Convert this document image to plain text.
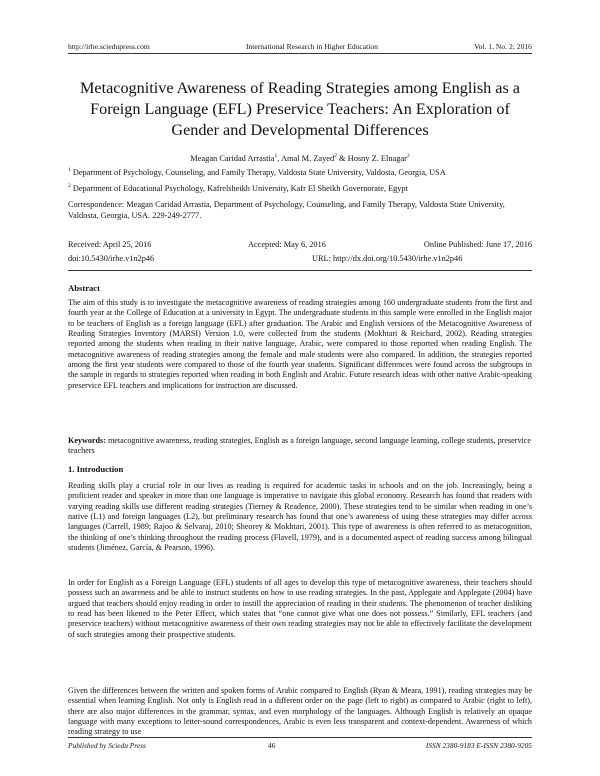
http://irhe.sciedupress.com	International Research in Higher Education	Vol. 1, No. 2; 2016
Metacognitive Awareness of Reading Strategies among English as a Foreign Language (EFL) Preservice Teachers: An Exploration of Gender and Developmental Differences
Meagan Caridad Arrastia$^1$, Amal M. Zayed$^2$ & Hosny Z. Elnagar$^2$
$^1$ Department of Psychology, Counseling, and Family Therapy, Valdosta State University, Valdosta, Georgia, USA
$^2$ Department of Educational Psychology, Kafrelsheikh University, Kafr El Sheikh Governorate, Egypt
Correspondence: Meagan Caridad Arrastia, Department of Psychology, Counseling, and Family Therapy, Valdosta State University, Valdosta, Georgia, USA. 229-249-2777.
Received: April 25, 2016	Accepted: May 6, 2016	Online Published: June 17, 2016
doi:10.5430/irhe.v1n2p46	URL: http://dx.doi.org/10.5430/irhe.v1n2p46
Abstract
The aim of this study is to investigate the metacognitive awareness of reading strategies among 160 undergraduate students from the first and fourth year at the College of Education at a university in Egypt. The undergraduate students in this sample were enrolled in the English major to be teachers of English as a foreign language (EFL) after graduation. The Arabic and English versions of the Metacognitive Awareness of Reading Strategies Inventory (MARSI) Version 1.0, were collected from the students (Mokhtari & Reichard, 2002). Reading strategies reported among the students when reading in their native language, Arabic, were compared to those reported when reading English. The metacognitive awareness of reading strategies among the female and male students were also compared. In addition, the strategies reported among the first year students were compared to those of the fourth year students. Significant differences were found across the subgroups in the sample in regards to strategies reported when reading in both English and Arabic. Future research ideas with other native Arabic-speaking preservice EFL teachers and implications for instruction are discussed.
Keywords: metacognitive awareness, reading strategies, English as a foreign language, second language learning, college students, preservice teachers
1. Introduction
Reading skills play a crucial role in our lives as reading is required for academic tasks in schools and on the job. Increasingly, being a proficient reader and speaker in more than one language is imperative to navigate this global economy. Research has found that readers with varying reading skills use different reading strategies (Tierney & Readence, 2000). These strategies tend to be similar when reading in one’s native (L1) and foreign languages (L2), but preliminary research has found that one’s awareness of using these strategies may differ across languages (Carrell, 1989; Rajoo & Selvaraj, 2010; Sheorey & Mokhtari, 2001). This type of awareness is often referred to as metacognition, the thinking of one’s thinking throughout the reading process (Flavell, 1979), and is a documented aspect of reading success among bilingual students (Jiménez, García, & Pearson, 1996).
In order for English as a Foreign Language (EFL) students of all ages to develop this type of metacognitive awareness, their teachers should possess such an awareness and be able to instruct students on how to use reading strategies. In the past, Applegate and Applegate (2004) have argued that teachers should enjoy reading in order to instill the appreciation of reading in their students. The phenomenon of teacher disliking to read has been likened to the Peter Effect, which states that “one cannot give what one does not possess.” Similarly, EFL teachers (and preservice teachers) without metacognitive awareness of their own reading strategies may not be able to effectively facilitate the development of such strategies among their prospective students.
Given the differences between the written and spoken forms of Arabic compared to English (Ryan & Meara, 1991), reading strategies may be essential when learning English. Not only is English read in a different order on the page (left to right) as compared to Arabic (right to left), there are also major differences in the grammar, syntax, and even morphology of the languages. Although English is relatively an opaque language with many exceptions to letter-sound correspondences, Arabic is even less transparent and context-dependent. Awareness of which reading strategy to use
Published by Sciedu Press	46	ISSN 2380-9183 E-ISSN 2380-9205
